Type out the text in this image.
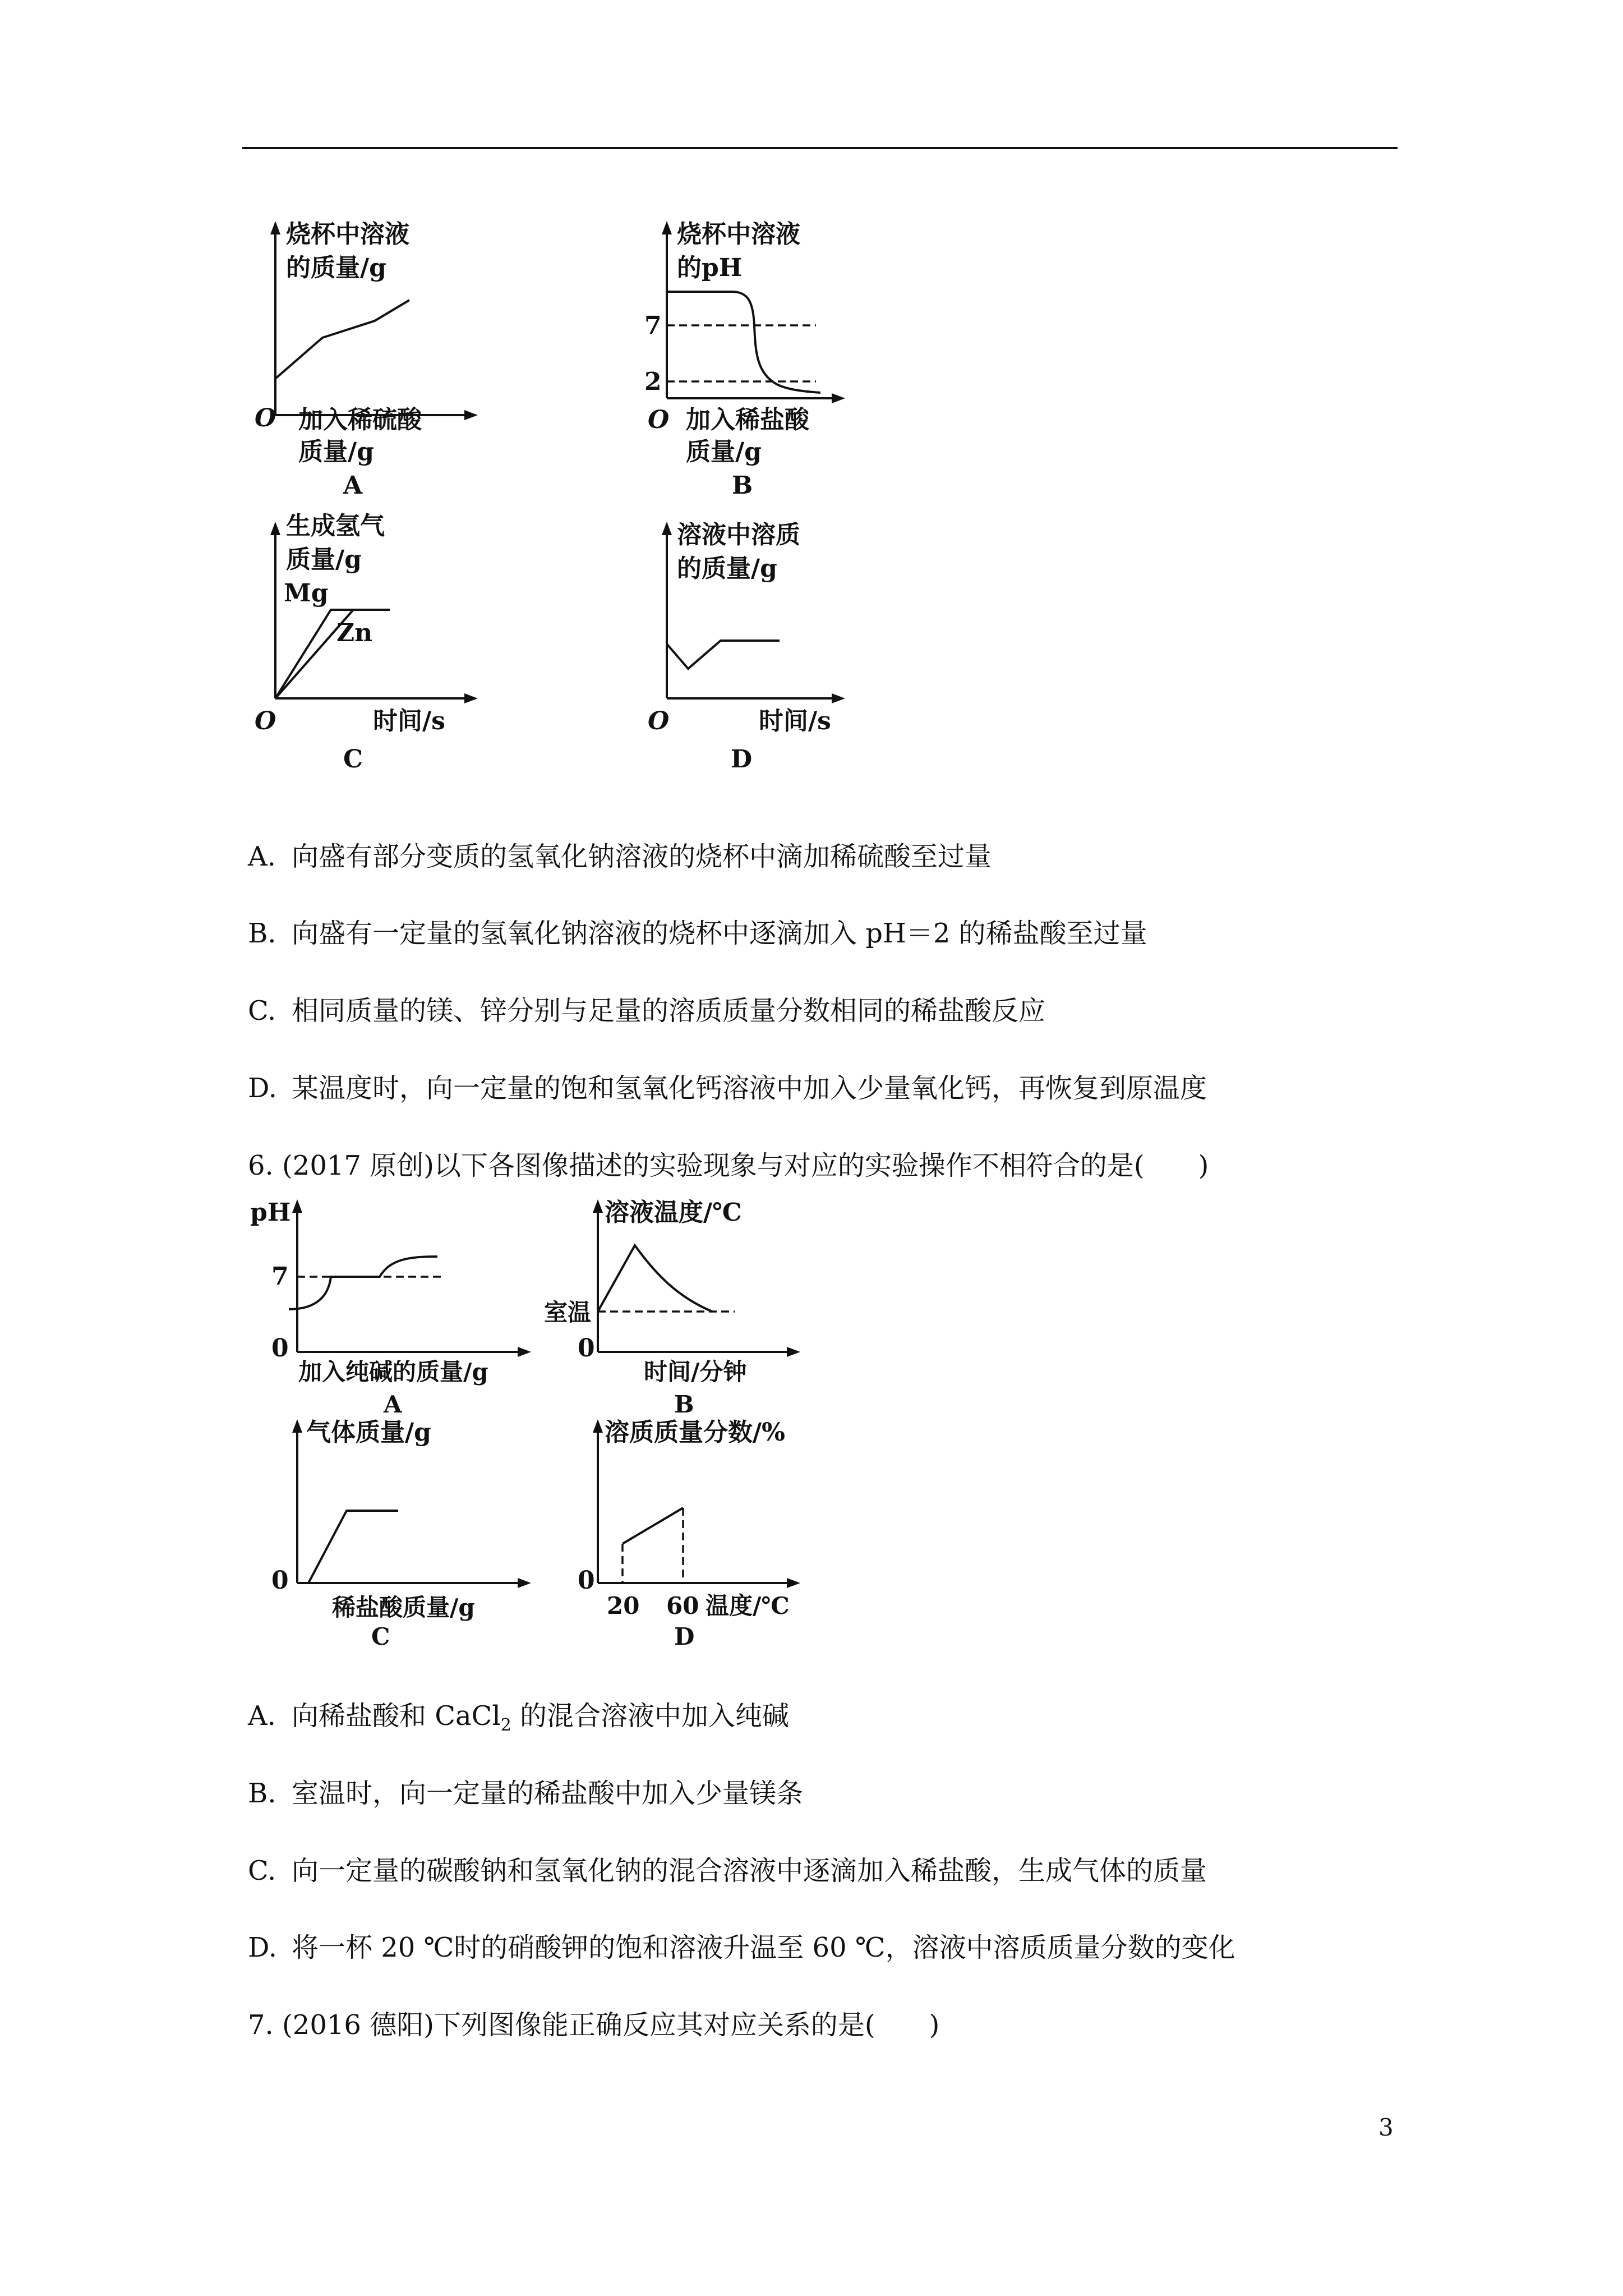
烧杯中溶液
的质量/g
O 加入稀硫酸
质量/g
A
烧杯中溶液
的pH
7
2
O 加入稀盐酸
质量/g
B
生成氢气
质量/g
Mg
Zn
O	时间/s
C
溶液中溶质
的质量/g
O	时间/s
D
A. 向盛有部分变质的氢氧化钠溶液的烧杯中滴加稀硫酸至过量
B. 向盛有一定量的氢氧化钠溶液的烧杯中逐滴加入 pH＝2 的稀盐酸至过量
C. 相同质量的镁、锌分别与足量的溶质质量分数相同的稀盐酸反应
D. 某温度时，向一定量的饱和氢氧化钙溶液中加入少量氧化钙，再恢复到原温度
6. (2017 原创)以下各图像描述的实验现象与对应的实验操作不相符合的是(　　)
pH
7
0
加入纯碱的质量/g
A
溶液温度/℃
室温
0
时间/分钟
B
气体质量/g
0
稀盐酸质量/g
C
溶质质量分数/%
0
20 60 温度/℃
D
A. 向稀盐酸和 CaCl$_2$ 的混合溶液中加入纯碱
B. 室温时，向一定量的稀盐酸中加入少量镁条
C. 向一定量的碳酸钠和氢氧化钠的混合溶液中逐滴加入稀盐酸，生成气体的质量
D. 将一杯 20 ℃时的硝酸钾的饱和溶液升温至 60 ℃，溶液中溶质质量分数的变化
7. (2016 德阳)下列图像能正确反应其对应关系的是(　　)
3
